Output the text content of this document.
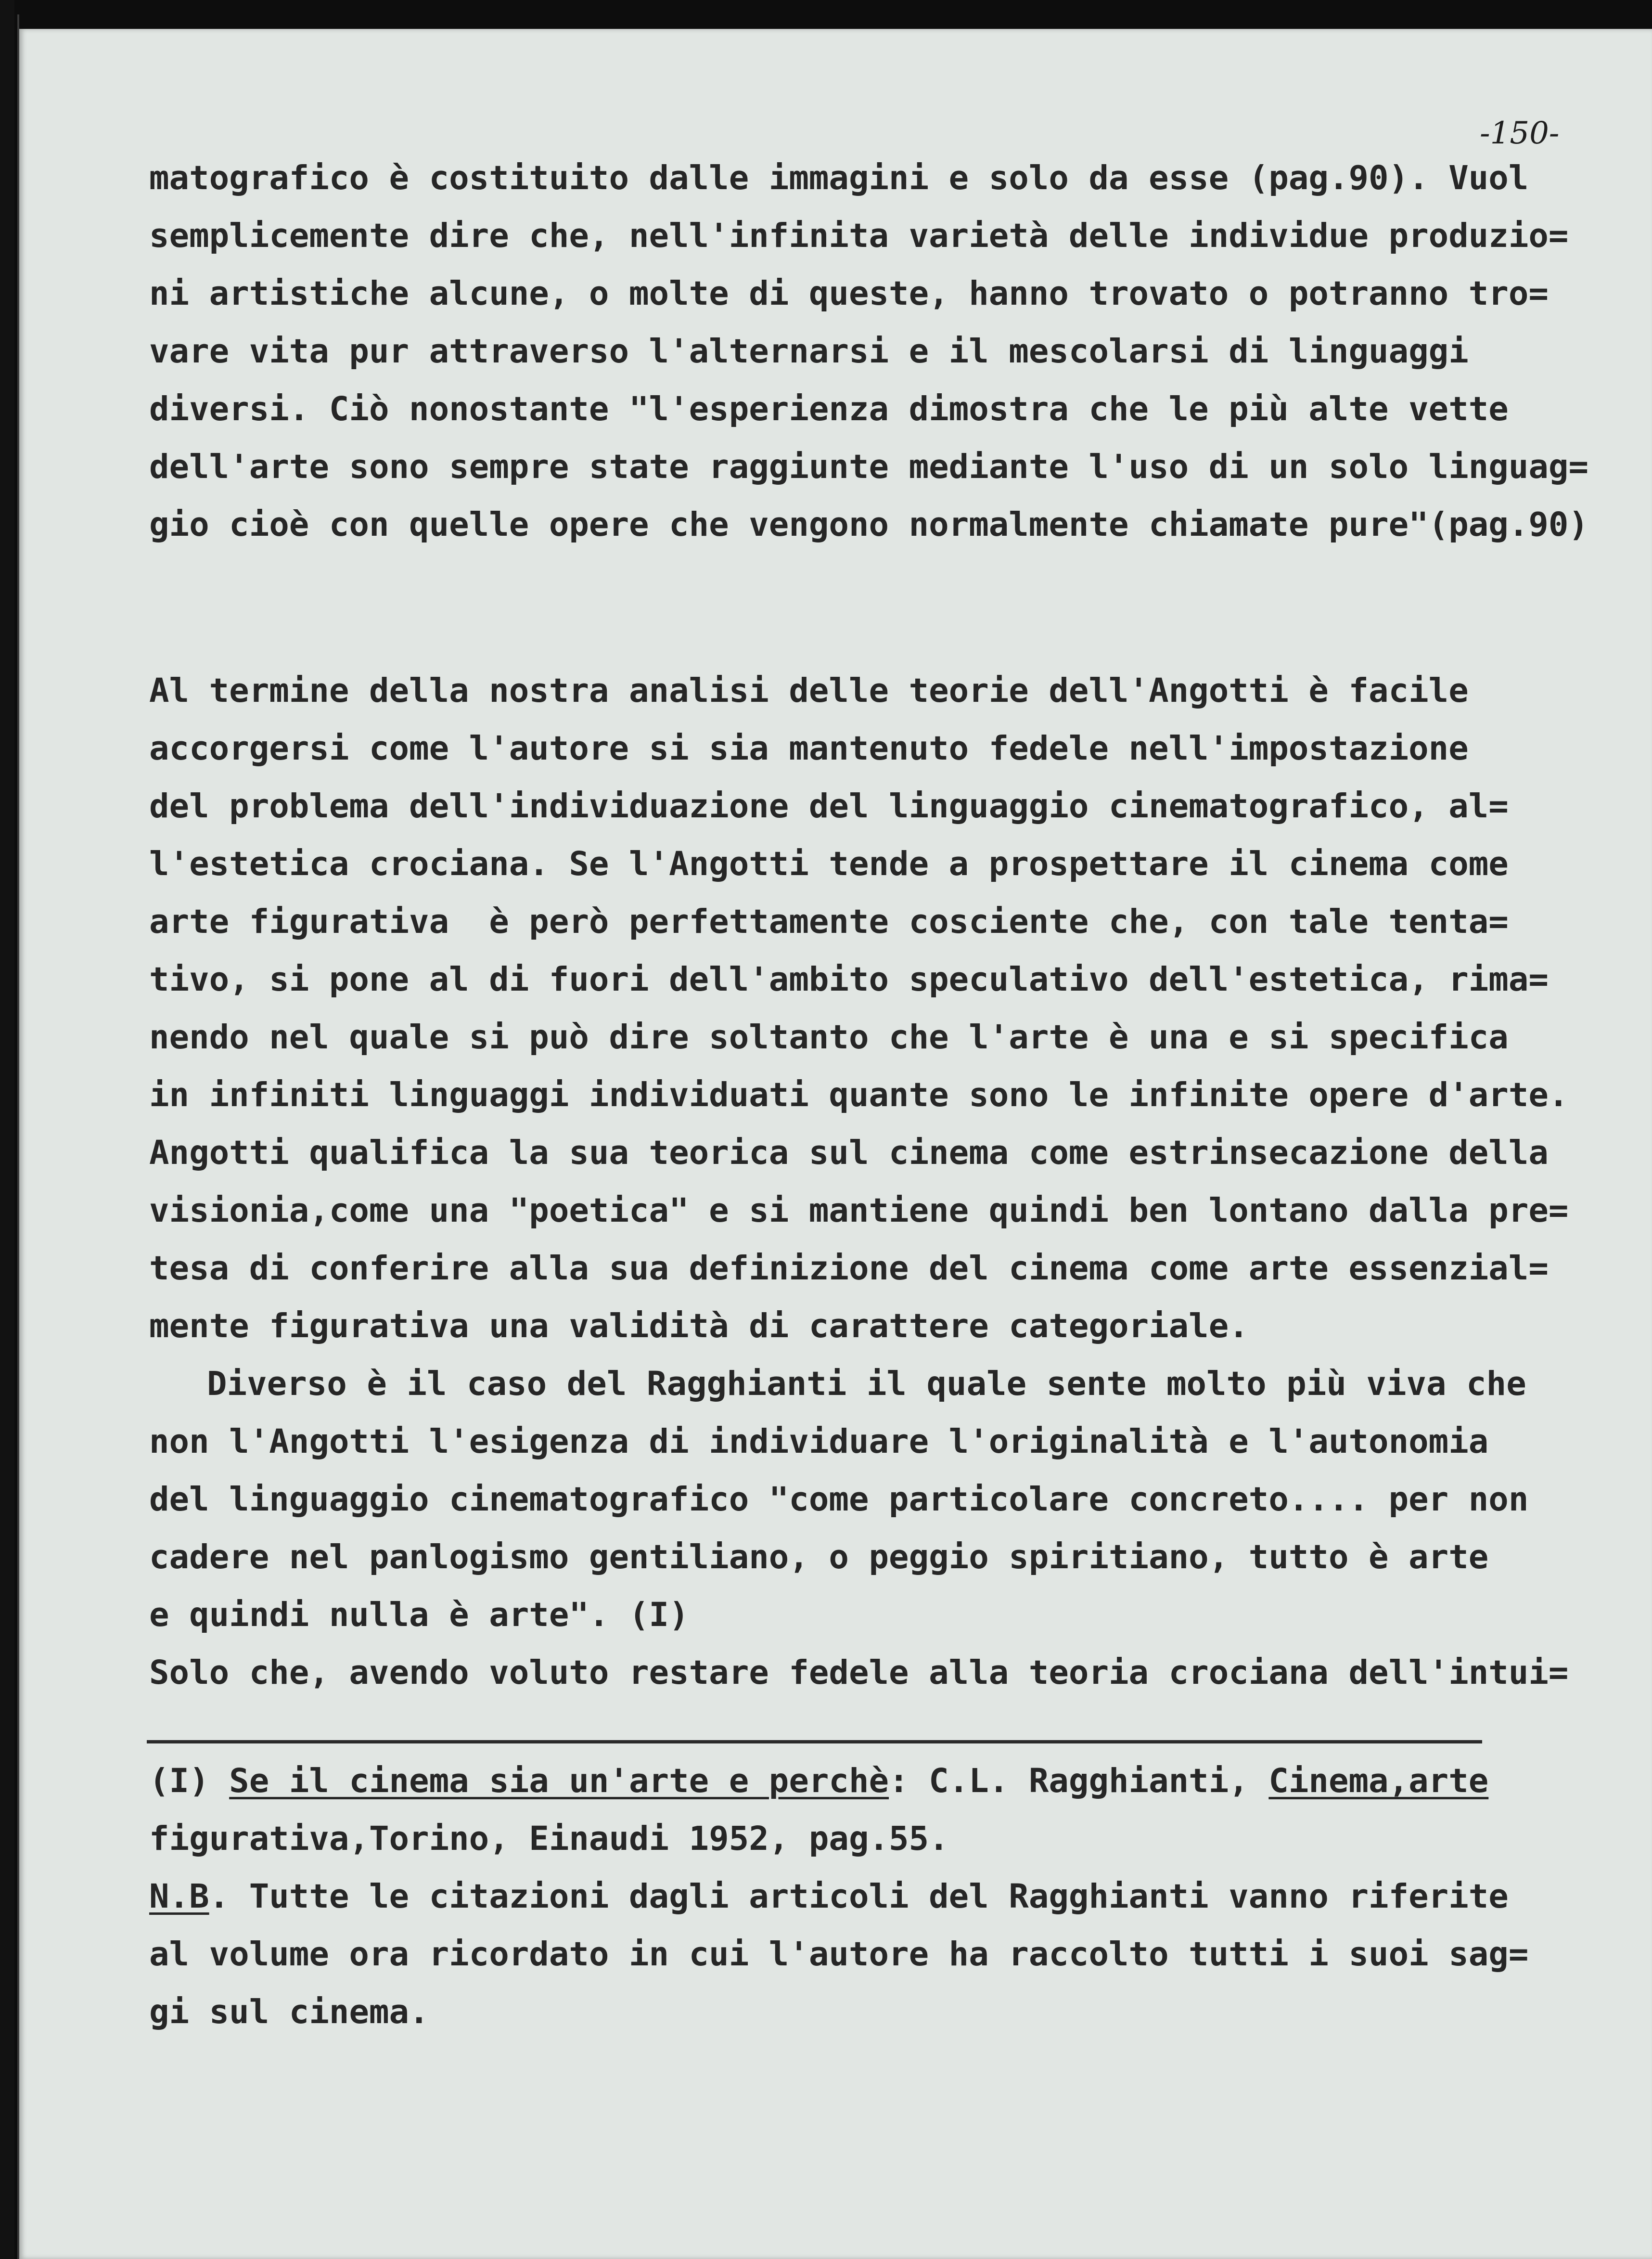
-150-
matografico è costituito dalle immagini e solo da esse (pag.90). Vuol
semplicemente dire che, nell'infinita varietà delle individue produzio=
ni artistiche alcune, o molte di queste, hanno trovato o potranno tro=
vare vita pur attraverso l'alternarsi e il mescolarsi di linguaggi
diversi. Ciò nonostante "l'esperienza dimostra che le più alte vette
dell'arte sono sempre state raggiunte mediante l'uso di un solo linguag=
gio cioè con quelle opere che vengono normalmente chiamate pure"(pag.90)
Al termine della nostra analisi delle teorie dell'Angotti è facile
accorgersi come l'autore si sia mantenuto fedele nell'impostazione
del problema dell'individuazione del linguaggio cinematografico, al=
l'estetica crociana. Se l'Angotti tende a prospettare il cinema come
arte figurativa  è però perfettamente cosciente che, con tale tenta=
tivo, si pone al di fuori dell'ambito speculativo dell'estetica, rima=
nendo nel quale si può dire soltanto che l'arte è una e si specifica
in infiniti linguaggi individuati quante sono le infinite opere d'arte.
Angotti qualifica la sua teorica sul cinema come estrinsecazione della
visionia,come una "poetica" e si mantiene quindi ben lontano dalla pre=
tesa di conferire alla sua definizione del cinema come arte essenzial=
mente figurativa una validità di carattere categoriale.
Diverso è il caso del Ragghianti il quale sente molto più viva che
non l'Angotti l'esigenza di individuare l'originalità e l'autonomia
del linguaggio cinematografico "come particolare concreto.... per non
cadere nel panlogismo gentiliano, o peggio spiritiano, tutto è arte
e quindi nulla è arte". (I)
Solo che, avendo voluto restare fedele alla teoria crociana dell'intui=
(I) Se il cinema sia un'arte e perchè: C.L. Ragghianti, Cinema,arte
figurativa,Torino, Einaudi 1952, pag.55.
N.B. Tutte le citazioni dagli articoli del Ragghianti vanno riferite
al volume ora ricordato in cui l'autore ha raccolto tutti i suoi sag=
gi sul cinema.
